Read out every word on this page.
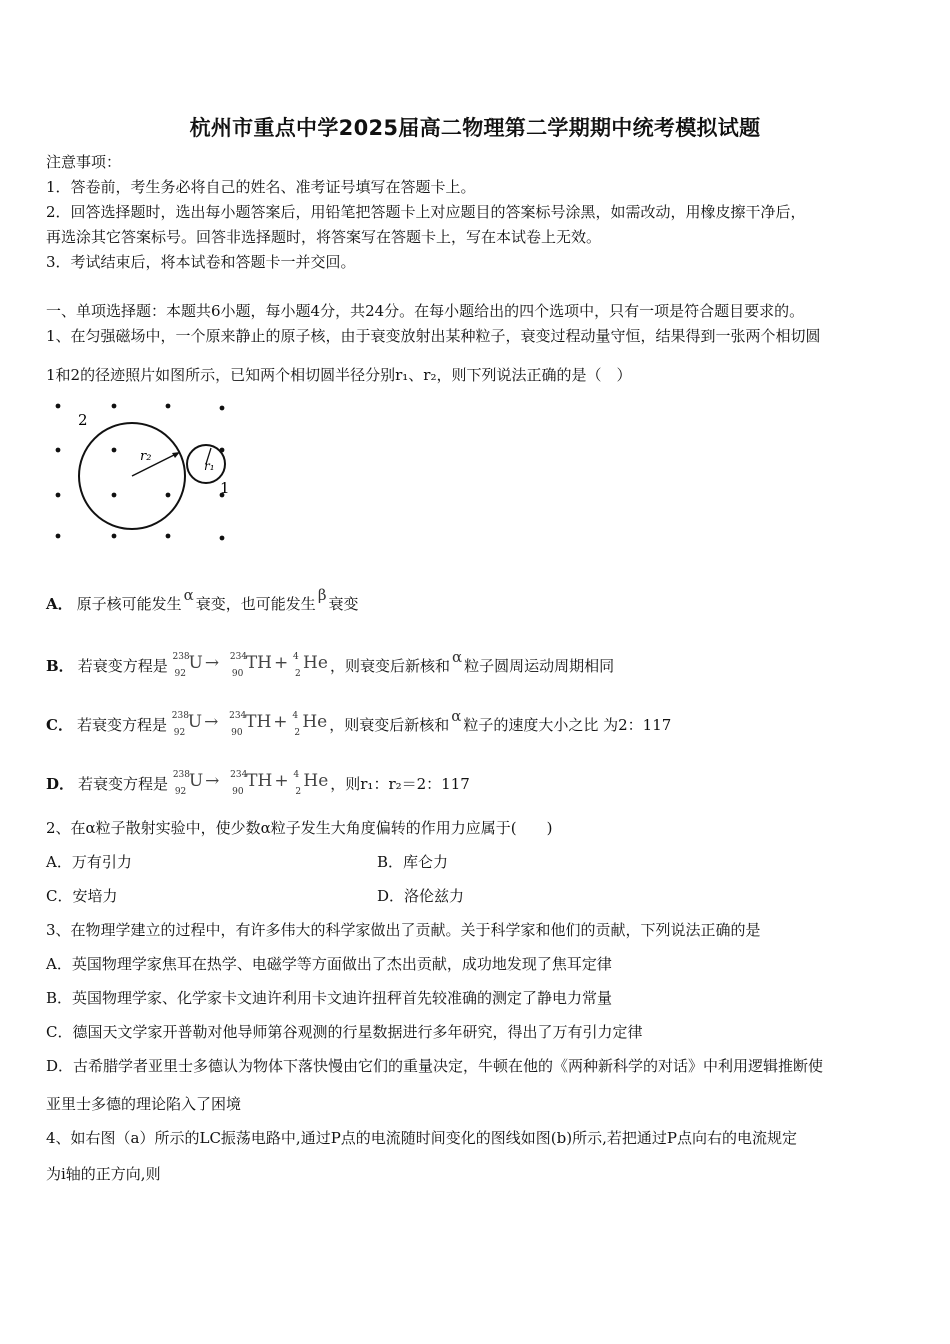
杭州市重点中学2025届高二物理第二学期期中统考模拟试题
注意事项：
1．答卷前，考生务必将自己的姓名、准考证号填写在答题卡上。
2．回答选择题时，选出每小题答案后，用铅笔把答题卡上对应题目的答案标号涂黑，如需改动，用橡皮擦干净后，
再选涂其它答案标号。回答非选择题时，将答案写在答题卡上，写在本试卷上无效。
3．考试结束后，将本试卷和答题卡一并交回。
一、单项选择题：本题共6小题，每小题4分，共24分。在每小题给出的四个选项中，只有一项是符合题目要求的。
1、在匀强磁场中，一个原来静止的原子核，由于衰变放射出某种粒子，衰变过程动量守恒，结果得到一张两个相切圆
1和2的径迹照片如图所示，已知两个相切圆半径分别r₁、r₂，则下列说法正确的是（　）
2
1
r₂
r₁
A． 原子核可能发生 α 衰变，也可能发生 β 衰变
B． 若衰变方程是 238
92
U → 234
90
TH + 4
2
He ，则衰变后新核和 α 粒子圆周运动周期相同
C． 若衰变方程是 238
92
U → 234
90
TH + 4
2
He ，则衰变后新核和 α 粒子的速度大小之比 为2：117
D． 若衰变方程是 238
92
U → 234
90
TH + 4
2
He ，则r₁：r₂＝2：117
2、在α粒子散射实验中，使少数α粒子发生大角度偏转的作用力应属于(　　)
A．万有引力	B．库仑力
C．安培力	D．洛伦兹力
3、在物理学建立的过程中，有许多伟大的科学家做出了贡献。关于科学家和他们的贡献，下列说法正确的是
A．英国物理学家焦耳在热学、电磁学等方面做出了杰出贡献，成功地发现了焦耳定律
B．英国物理学家、化学家卡文迪许利用卡文迪许扭秤首先较准确的测定了静电力常量
C．德国天文学家开普勒对他导师第谷观测的行星数据进行多年研究，得出了万有引力定律
D．古希腊学者亚里士多德认为物体下落快慢由它们的重量决定，牛顿在他的《两种新科学的对话》中利用逻辑推断使
亚里士多德的理论陷入了困境
4、如右图（a）所示的LC振荡电路中,通过P点的电流随时间变化的图线如图(b)所示,若把通过P点向右的电流规定
为i轴的正方向,则
